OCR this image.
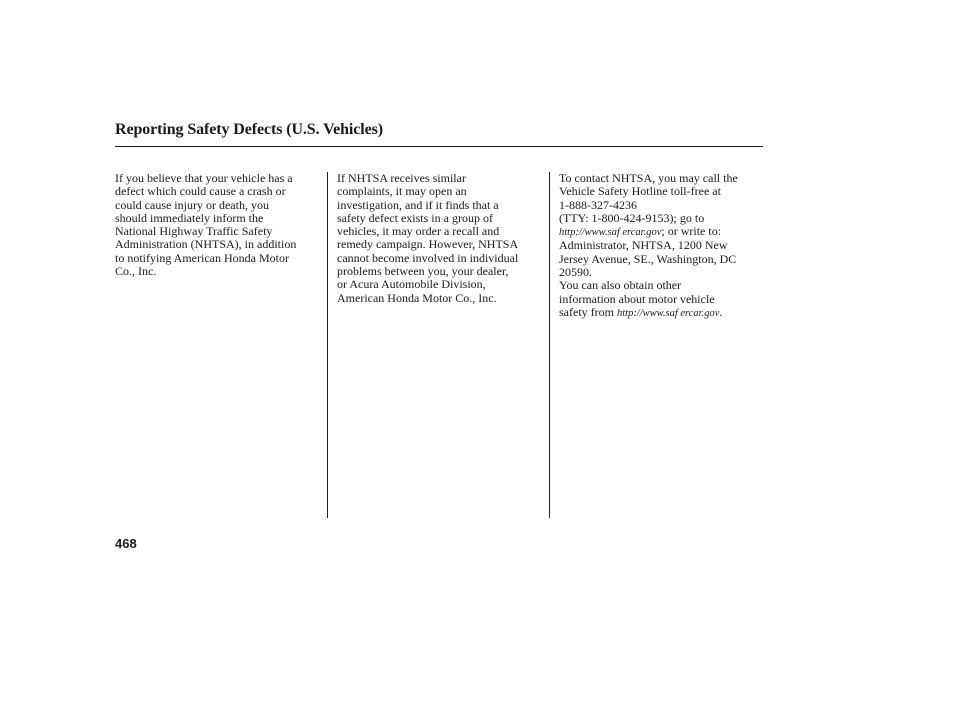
Reporting Safety Defects (U.S. Vehicles)

If you believe that your vehicle has a

defect which could cause a crash or

could cause injury or death, you

should immediately inform the

National Highway Traffic Safety

Administration (NHTSA), in addition

to notifying American Honda Motor

Co., Inc.

If NHTSA receives similar

complaints, it may open an

investigation, and if it finds that a

safety defect exists in a group of

vehicles, it may order a recall and

remedy campaign. However, NHTSA

cannot become involved in individual

problems between you, your dealer,

or Acura Automobile Division,

American Honda Motor Co., Inc.

To contact NHTSA, you may call the

Vehicle Safety Hotline toll-free at

1-888-327-4236

(TTY: 1-800-424-9153); go to

http://www.saf ercar.gov; or write to:

Administrator, NHTSA, 1200 New

Jersey Avenue, SE., Washington, DC

20590.

You can also obtain other

information about motor vehicle

safety from http://www.saf ercar.gov.

468
